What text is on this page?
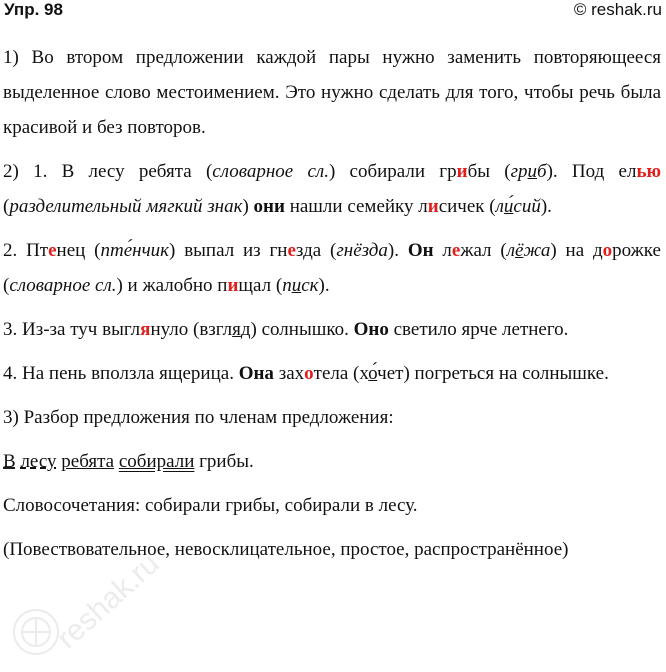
Упр. 98	© reshak.ru

1) Во втором предложении каждой пары нужно заменить повторяющееся выделенное слово местоимением. Это нужно сделать для того, чтобы речь была красивой и без повторов.

2) 1. В лесу ребята (словарное сл.) собирали грибы (гриб). Под елью (разделительный мягкий знак) они нашли семейку лисичек (ли́сий).

2. Птенец (пте́нчик) выпал из гнезда (гнёзда). Он лежал (лёжа) на дорожке (словарное сл.) и жалобно пищал (писк).

3. Из-за туч выглянуло (взгляд) солнышко. Оно светило ярче летнего.

4. На пень вползла ящерица. Она захотела (хо́чет) погреться на солнышке.

3) Разбор предложения по членам предложения:

В лесу ребята собирали грибы.

Словосочетания: собирали грибы, собирали в лесу.

(Повествовательное, невосклицательное, простое, распространённое)

reshak.ru
